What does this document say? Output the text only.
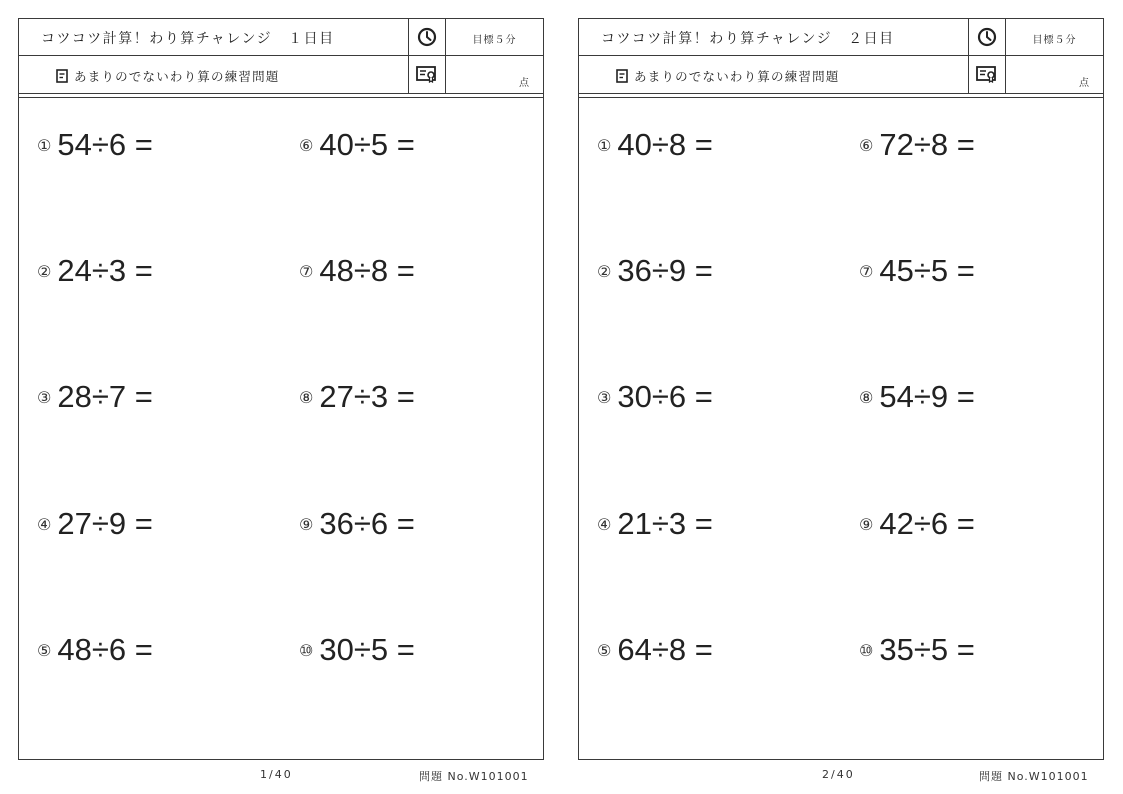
コツコツ計算！わり算チャレンジ １日目	目標５分
あまりのでないわり算の練習問題	点
① 54÷6 =
② 24÷3 =
③ 28÷7 =
④ 27÷9 =
⑤ 48÷6 =
⑥ 40÷5 =
⑦ 48÷8 =
⑧ 27÷3 =
⑨ 36÷6 =
⑩ 30÷5 =
1/40	問題 No.W101001
コツコツ計算！わり算チャレンジ ２日目	目標５分
あまりのでないわり算の練習問題	点
① 40÷8 =
② 36÷9 =
③ 30÷6 =
④ 21÷3 =
⑤ 64÷8 =
⑥ 72÷8 =
⑦ 45÷5 =
⑧ 54÷9 =
⑨ 42÷6 =
⑩ 35÷5 =
2/40	問題 No.W101001
